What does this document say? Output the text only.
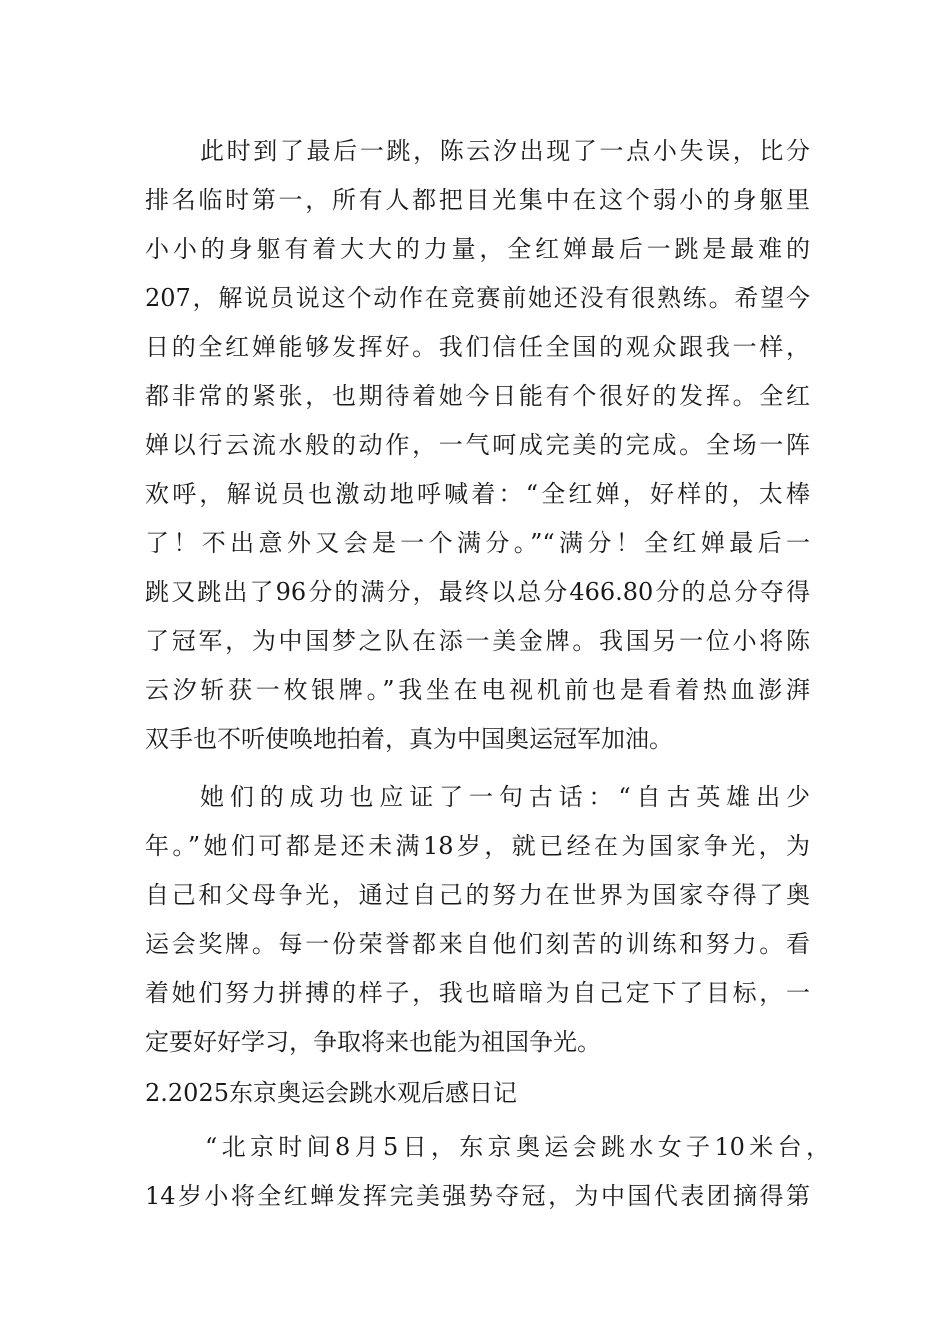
此时到了最后一跳，陈云汐出现了一点小失误，比分
排名临时第一，所有人都把目光集中在这个弱小的身躯里
小小的身躯有着大大的力量，全红婵最后一跳是最难的
207，解说员说这个动作在竞赛前她还没有很熟练。希望今
日的全红婵能够发挥好。我们信任全国的观众跟我一样，
都非常的紧张，也期待着她今日能有个很好的发挥。全红
婵以行云流水般的动作，一气呵成完美的完成。全场一阵
欢呼，解说员也激动地呼喊着：“全红婵，好样的，太棒
了！不出意外又会是一个满分。”“满分！全红婵最后一
跳又跳出了96分的满分，最终以总分466.80分的总分夺得
了冠军，为中国梦之队在添一美金牌。我国另一位小将陈
云汐斩获一枚银牌。”我坐在电视机前也是看着热血澎湃
双手也不听使唤地拍着，真为中国奥运冠军加油。
她们的成功也应证了一句古话：“自古英雄出少
年。”她们可都是还未满18岁，就已经在为国家争光，为
自己和父母争光，通过自己的努力在世界为国家夺得了奥
运会奖牌。每一份荣誉都来自他们刻苦的训练和努力。看
着她们努力拼搏的样子，我也暗暗为自己定下了目标，一
定要好好学习，争取将来也能为祖国争光。
2.2025东京奥运会跳水观后感日记
“北京时间8月5日，东京奥运会跳水女子10米台，
14岁小将全红蝉发挥完美强势夺冠，为中国代表团摘得第
